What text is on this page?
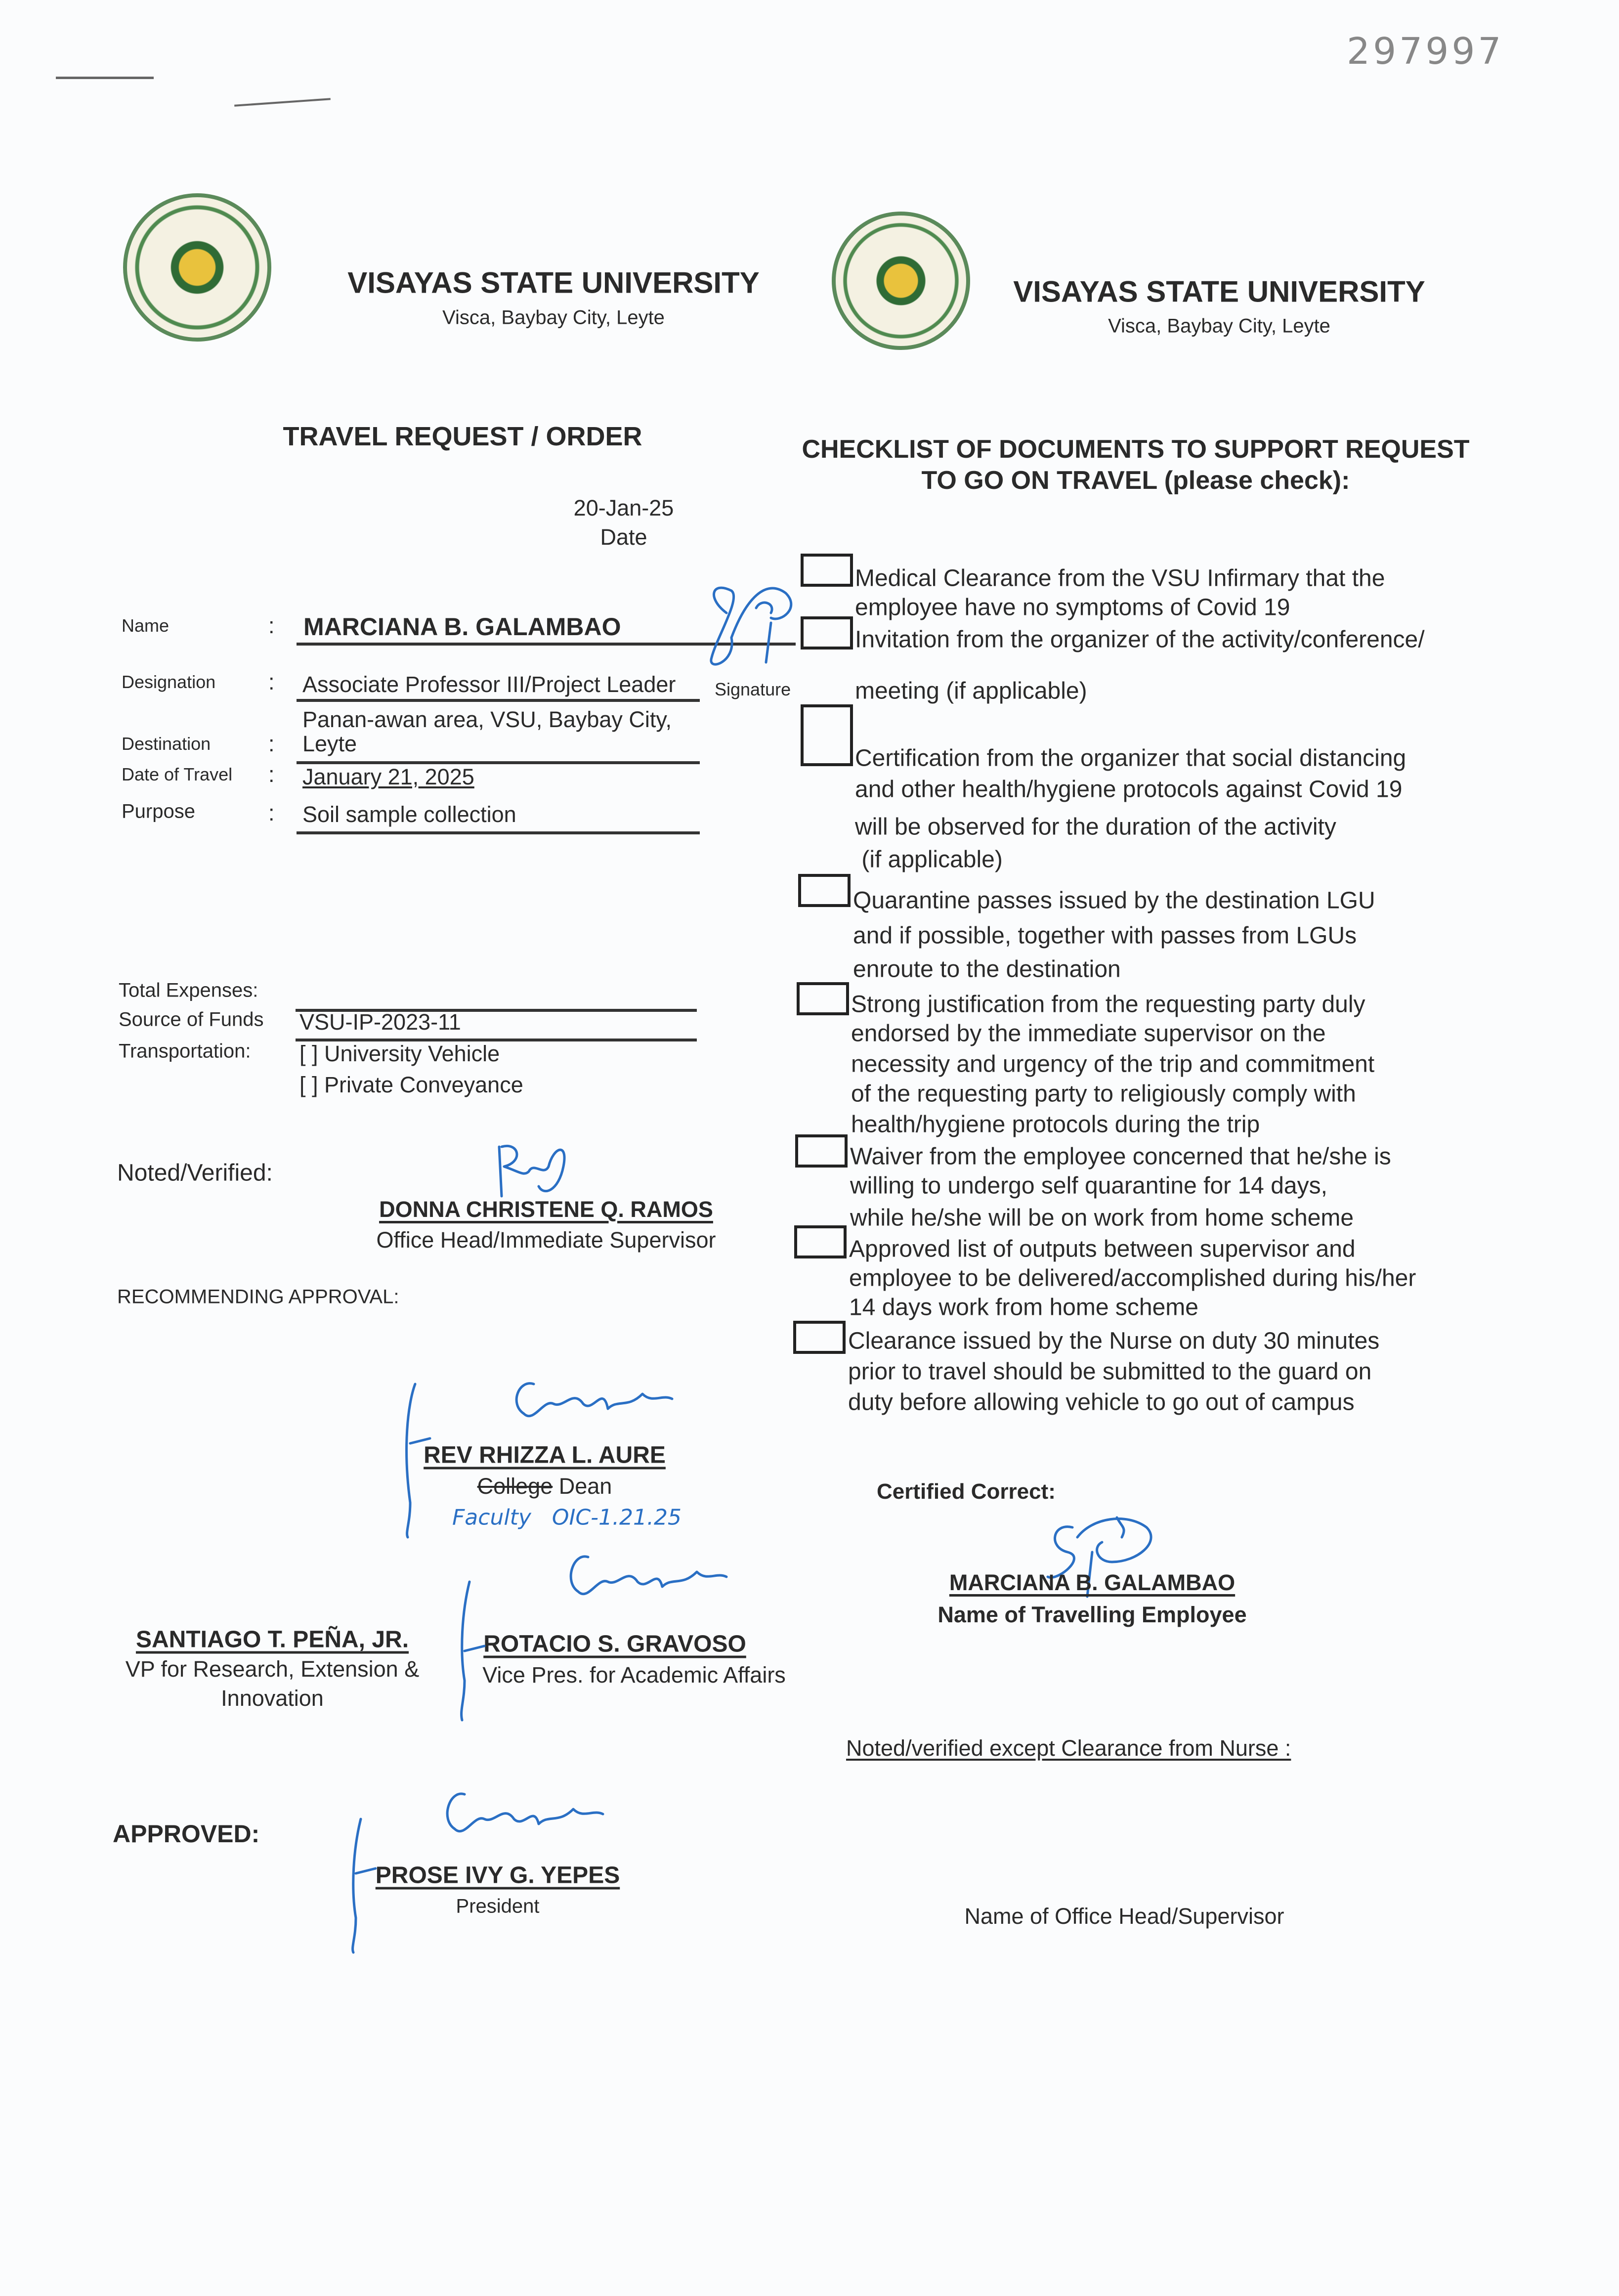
297997
VISAYAS STATE UNIVERSITY
Visca, Baybay City, Leyte
VISAYAS STATE UNIVERSITY
Visca, Baybay City, Leyte
TRAVEL REQUEST / ORDER
20-Jan-25
Date
Name	: MARCIANA B. GALAMBAO
Signature
Designation : Associate Professor III/Project Leader
Panan-awan area, VSU, Baybay City,
Destination	: Leyte
Date of Travel : January 21, 2025
Purpose	: Soil sample collection
Total Expenses:
Source of Funds VSU-IP-2023-11
Transportation: [ ] University Vehicle
[ ] Private Conveyance
Noted/Verified:
DONNA CHRISTENE Q. RAMOS
Office Head/Immediate Supervisor
RECOMMENDING APPROVAL:
REV RHIZZA L. AURE
College Dean
Faculty   OIC-1.21.25
SANTIAGO T. PEÑA, JR.
VP for Research, Extension &
Innovation
ROTACIO S. GRAVOSO
Vice Pres. for Academic Affairs
APPROVED:
PROSE IVY G. YEPES
President
CHECKLIST OF DOCUMENTS TO SUPPORT REQUEST
TO GO ON TRAVEL (please check):
Medical Clearance from the VSU Infirmary that the
employee have no symptoms of Covid 19
Invitation from the organizer of the activity/conference/
meeting (if applicable)
Certification from the organizer that social distancing
and other health/hygiene protocols against Covid 19
will be observed for the duration of the activity
(if applicable)
Quarantine passes issued by the destination LGU
and if possible, together with passes from LGUs
enroute to the destination
Strong justification from the requesting party duly
endorsed by the immediate supervisor on the
necessity and urgency of the trip and commitment
of the requesting party to religiously comply with
health/hygiene protocols during the trip
Waiver from the employee concerned that he/she is
willing to undergo self quarantine for 14 days,
while he/she will be on work from home scheme
Approved list of outputs between supervisor and
employee to be delivered/accomplished during his/her
14 days work from home scheme
Clearance issued by the Nurse on duty 30 minutes
prior to travel should be submitted to the guard on
duty before allowing vehicle to go out of campus
Certified Correct:
MARCIANA B. GALAMBAO
Name of Travelling Employee
Noted/verified except Clearance from Nurse :
Name of Office Head/Supervisor
